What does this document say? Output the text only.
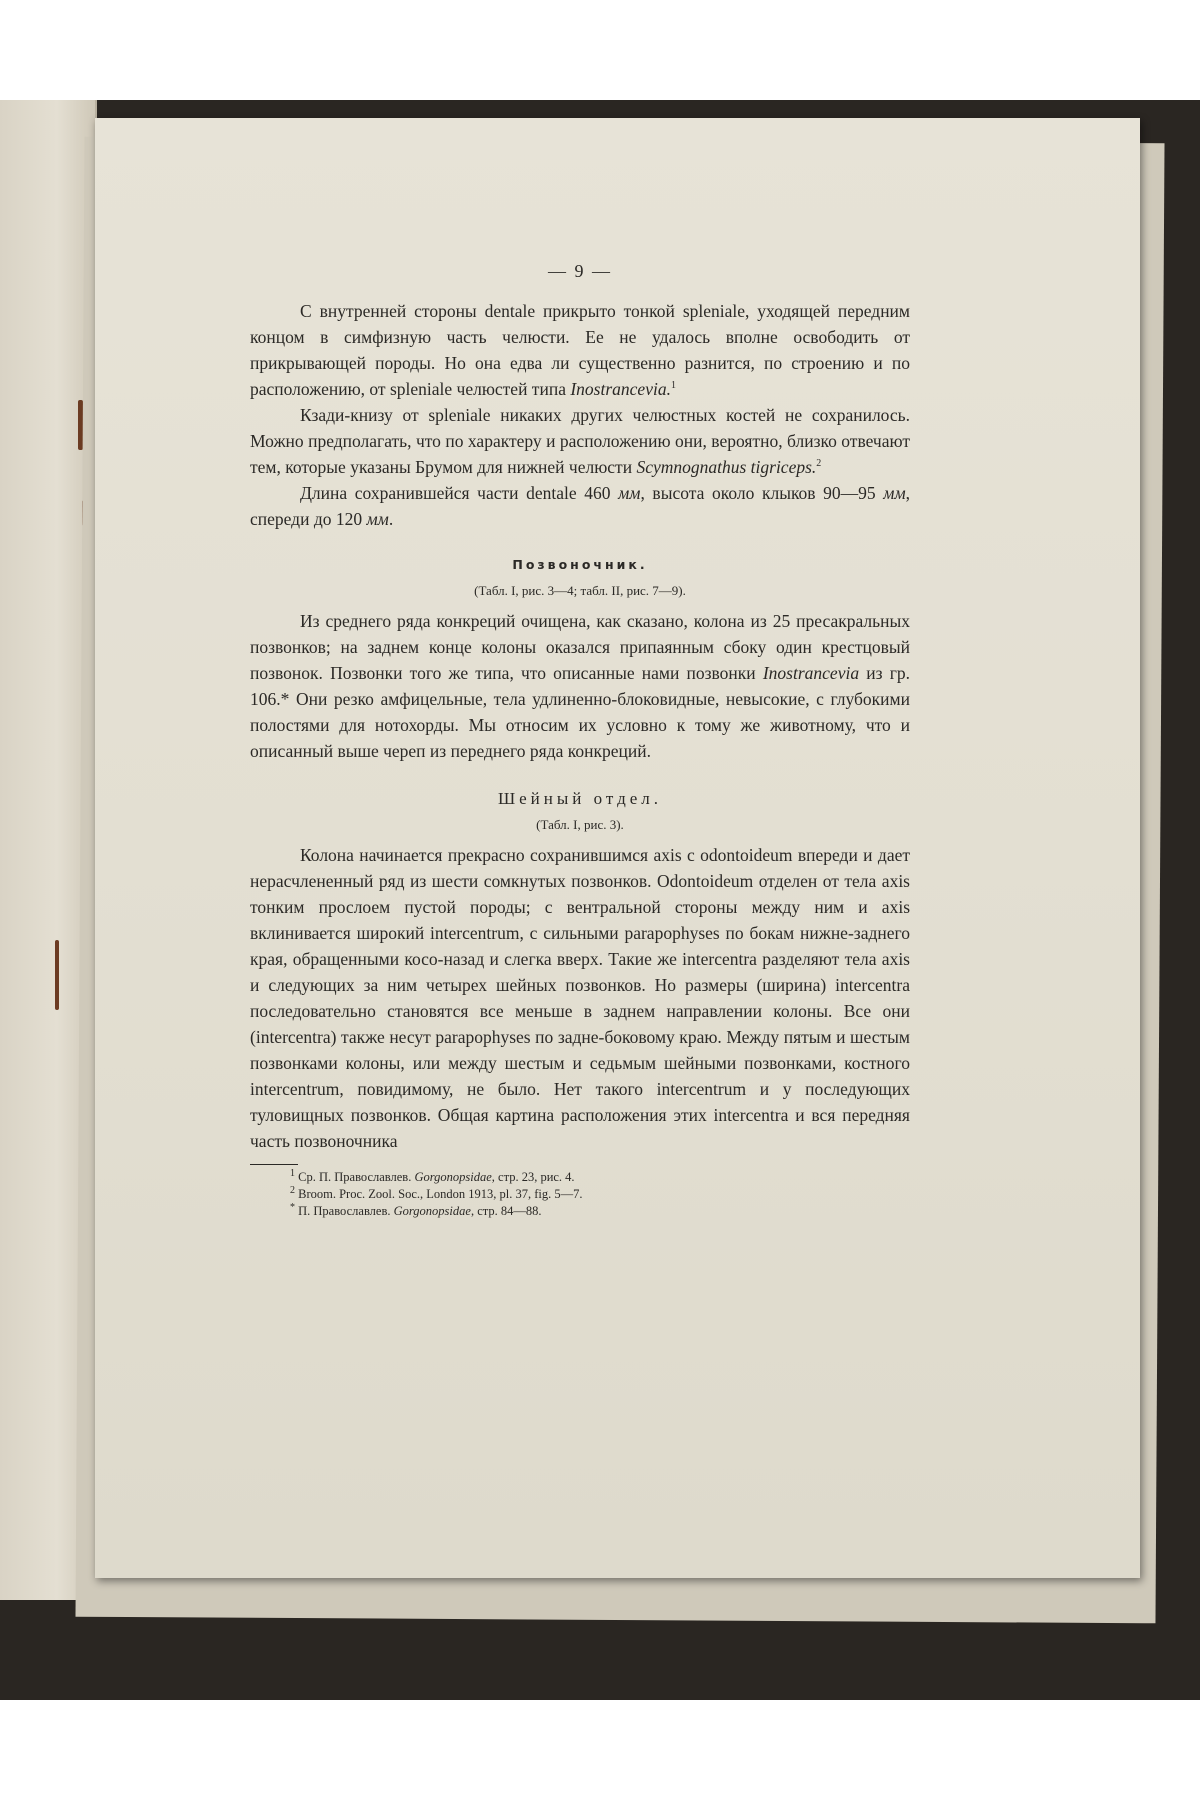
— 9 —

С внутренней стороны dentale прикрыто тонкой spleniale, уходящей передним концом в симфизную часть челюсти. Ее не удалось вполне освободить от прикрывающей породы. Но она едва ли существенно разнится, по строению и по расположению, от spleniale челюстей типа Inostrancevia.$^1$

Кзади-книзу от spleniale никаких других челюстных костей не сохранилось. Можно предполагать, что по характеру и расположению они, вероятно, близко отвечают тем, которые указаны Брумом для нижней челюсти Scymnognathus tigriceps.$^2$

Длина сохранившейся части dentale 460 мм, высота около клыков 90—95 мм, спереди до 120 мм.

Позвоночник.
(Табл. I, рис. 3—4; табл. II, рис. 7—9).

Из среднего ряда конкреций очищена, как сказано, колона из 25 пресакральных позвонков; на заднем конце колоны оказался припаянным сбоку один крестцовый позвонок. Позвонки того же типа, что описанные нами позвонки Inostrancevia из гр. 106.* Они резко амфицельные, тела удлиненно-блоковидные, невысокие, с глубокими полостями для нотохорды. Мы относим их условно к тому же животному, что и описанный выше череп из переднего ряда конкреций.

Шейный отдел.
(Табл. I, рис. 3).

Колона начинается прекрасно сохранившимся axis с odontoideum впереди и дает нерасчлененный ряд из шести сомкнутых позвонков. Odontoideum отделен от тела axis тонким прослоем пустой породы; с вентральной стороны между ним и axis вклинивается широкий intercentrum, с сильными parapophyses по бокам нижне-заднего края, обращенными косо-назад и слегка вверх. Такие же intercentra разделяют тела axis и следующих за ним четырех шейных позвонков. Но размеры (ширина) intercentra последовательно становятся все меньше в заднем направлении колоны. Все они (intercentra) также несут parapophyses по задне-боковому краю. Между пятым и шестым позвонками колоны, или между шестым и седьмым шейными позвонками, костного intercentrum, повидимому, не было. Нет такого intercentrum и у последующих туловищных позвонков. Общая картина расположения этих intercentra и вся передняя часть позвоночника

$^1$ Ср. П. Православлев. Gorgonopsidae, стр. 23, рис. 4.
$^2$ Broom. Proc. Zool. Soc., London 1913, pl. 37, fig. 5—7.
* П. Православлев. Gorgonopsidae, стр. 84—88.
